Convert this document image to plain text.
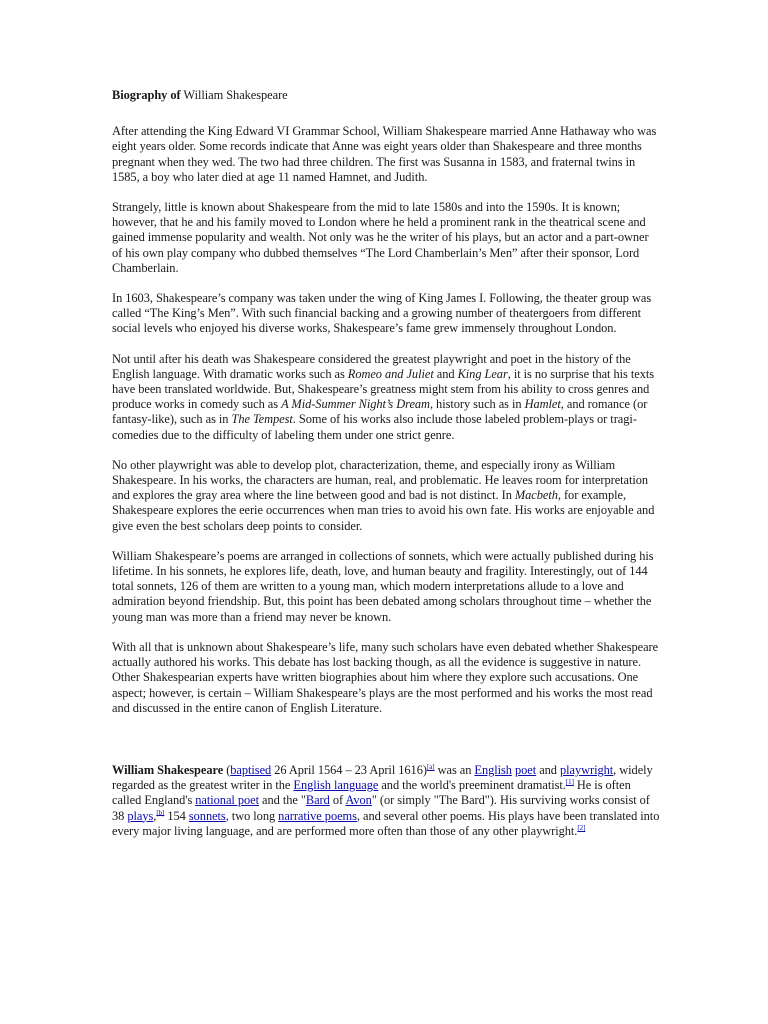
Biography of William Shakespeare

After attending the King Edward VI Grammar School, William Shakespeare married Anne Hathaway who was eight years older. Some records indicate that Anne was eight years older than Shakespeare and three months pregnant when they wed. The two had three children. The first was Susanna in 1583, and fraternal twins in 1585, a boy who later died at age 11 named Hamnet, and Judith.

Strangely, little is known about Shakespeare from the mid to late 1580s and into the 1590s. It is known; however, that he and his family moved to London where he held a prominent rank in the theatrical scene and gained immense popularity and wealth. Not only was he the writer of his plays, but an actor and a part-owner of his own play company who dubbed themselves “The Lord Chamberlain’s Men” after their sponsor, Lord Chamberlain.

In 1603, Shakespeare’s company was taken under the wing of King James I. Following, the theater group was called “The King’s Men”. With such financial backing and a growing number of theatergoers from different social levels who enjoyed his diverse works, Shakespeare’s fame grew immensely throughout London.

Not until after his death was Shakespeare considered the greatest playwright and poet in the history of the English language. With dramatic works such as Romeo and Juliet and King Lear, it is no surprise that his texts have been translated worldwide. But, Shakespeare’s greatness might stem from his ability to cross genres and produce works in comedy such as A Mid-Summer Night’s Dream, history such as in Hamlet, and romance (or fantasy-like), such as in The Tempest. Some of his works also include those labeled problem-plays or tragi-comedies due to the difficulty of labeling them under one strict genre.

No other playwright was able to develop plot, characterization, theme, and especially irony as William Shakespeare. In his works, the characters are human, real, and problematic. He leaves room for interpretation and explores the gray area where the line between good and bad is not distinct. In Macbeth, for example, Shakespeare explores the eerie occurrences when man tries to avoid his own fate. His works are enjoyable and give even the best scholars deep points to consider.

William Shakespeare’s poems are arranged in collections of sonnets, which were actually published during his lifetime. In his sonnets, he explores life, death, love, and human beauty and fragility. Interestingly, out of 144 total sonnets, 126 of them are written to a young man, which modern interpretations allude to a love and admiration beyond friendship. But, this point has been debated among scholars throughout time – whether the young man was more than a friend may never be known.

With all that is unknown about Shakespeare’s life, many such scholars have even debated whether Shakespeare actually authored his works. This debate has lost backing though, as all the evidence is suggestive in nature. Other Shakespearian experts have written biographies about him where they explore such accusations. One aspect; however, is certain – William Shakespeare’s plays are the most performed and his works the most read and discussed in the entire canon of English Literature.

William Shakespeare (baptised 26 April 1564 – 23 April 1616)[a] was an English poet and playwright, widely regarded as the greatest writer in the English language and the world's preeminent dramatist.[1] He is often called England's national poet and the "Bard of Avon" (or simply "The Bard"). His surviving works consist of 38 plays,[b] 154 sonnets, two long narrative poems, and several other poems. His plays have been translated into every major living language, and are performed more often than those of any other playwright.[2]
